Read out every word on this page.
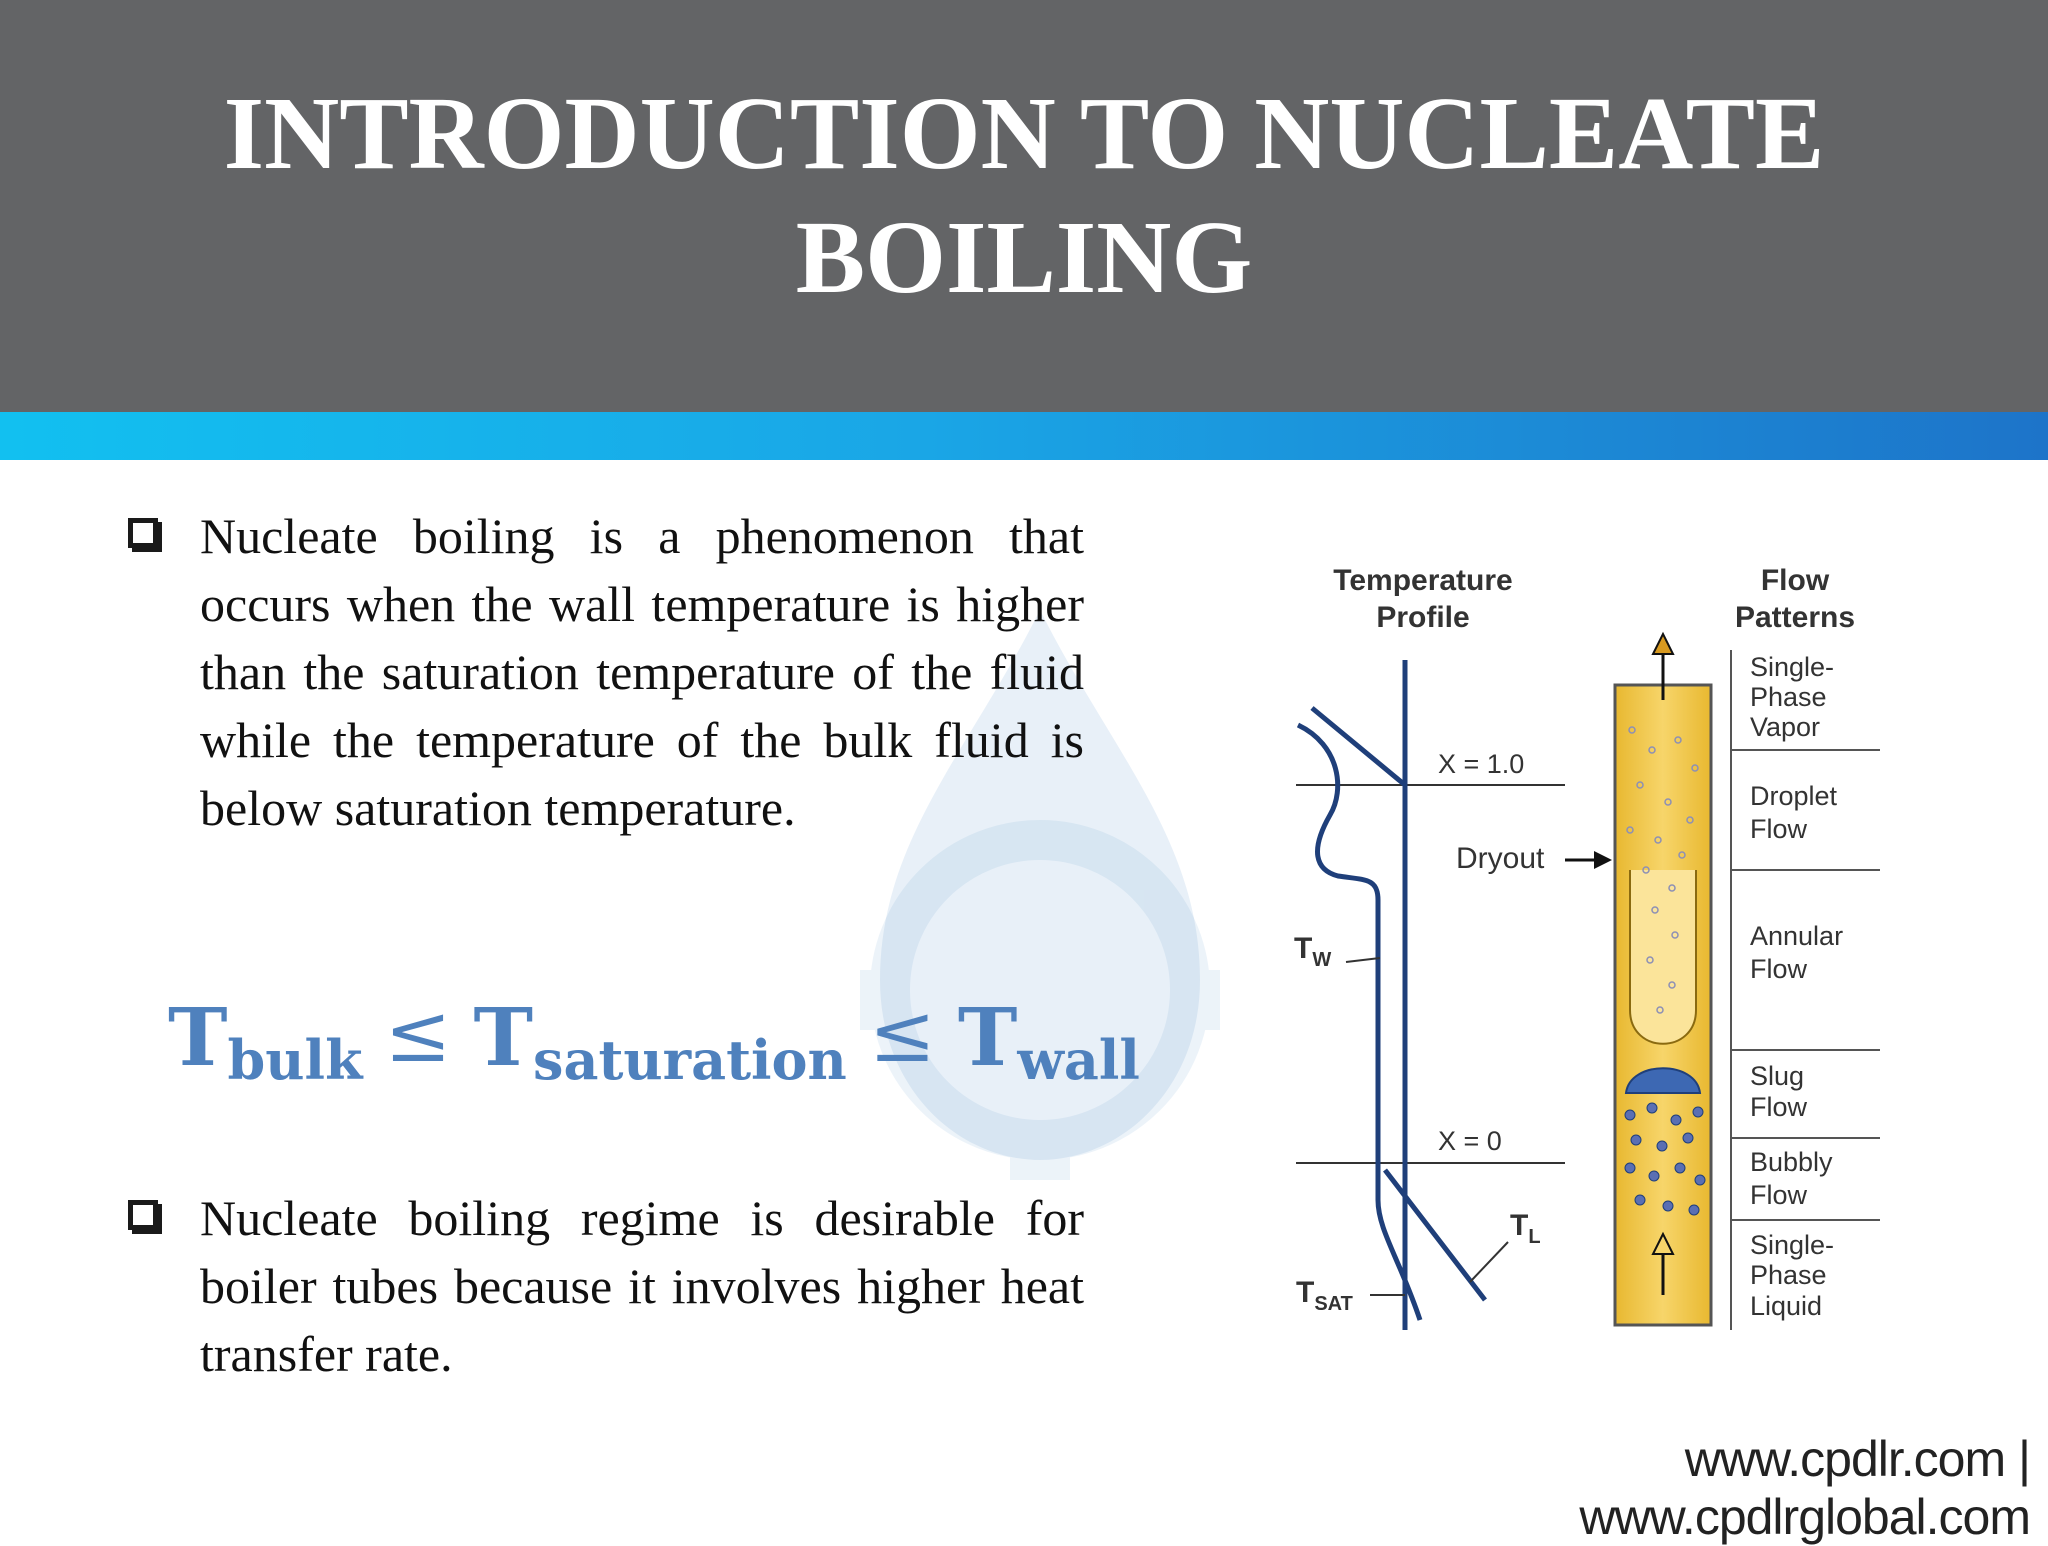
INTRODUCTION TO NUCLEATE
BOILING

Nucleate boiling is a phenomenon that occurs when the wall temperature is higher than the saturation temperature of the fluid while the temperature of the bulk fluid is below saturation temperature.

Tbulk ≤ Tsaturation ≤ Twall

Nucleate boiling regime is desirable for boiler tubes because it involves higher heat transfer rate.

Temperature
Profile
Flow
Patterns
X = 1.0
X = 0
Dryout
$T_W$
$T_L$
$T_{SAT}$
Single-
Phase
Vapor
Droplet
Flow
Annular
Flow
Slug
Flow
Bubbly
Flow
Single-
Phase
Liquid
www.cpdlr.com | www.cpdlrglobal.com
